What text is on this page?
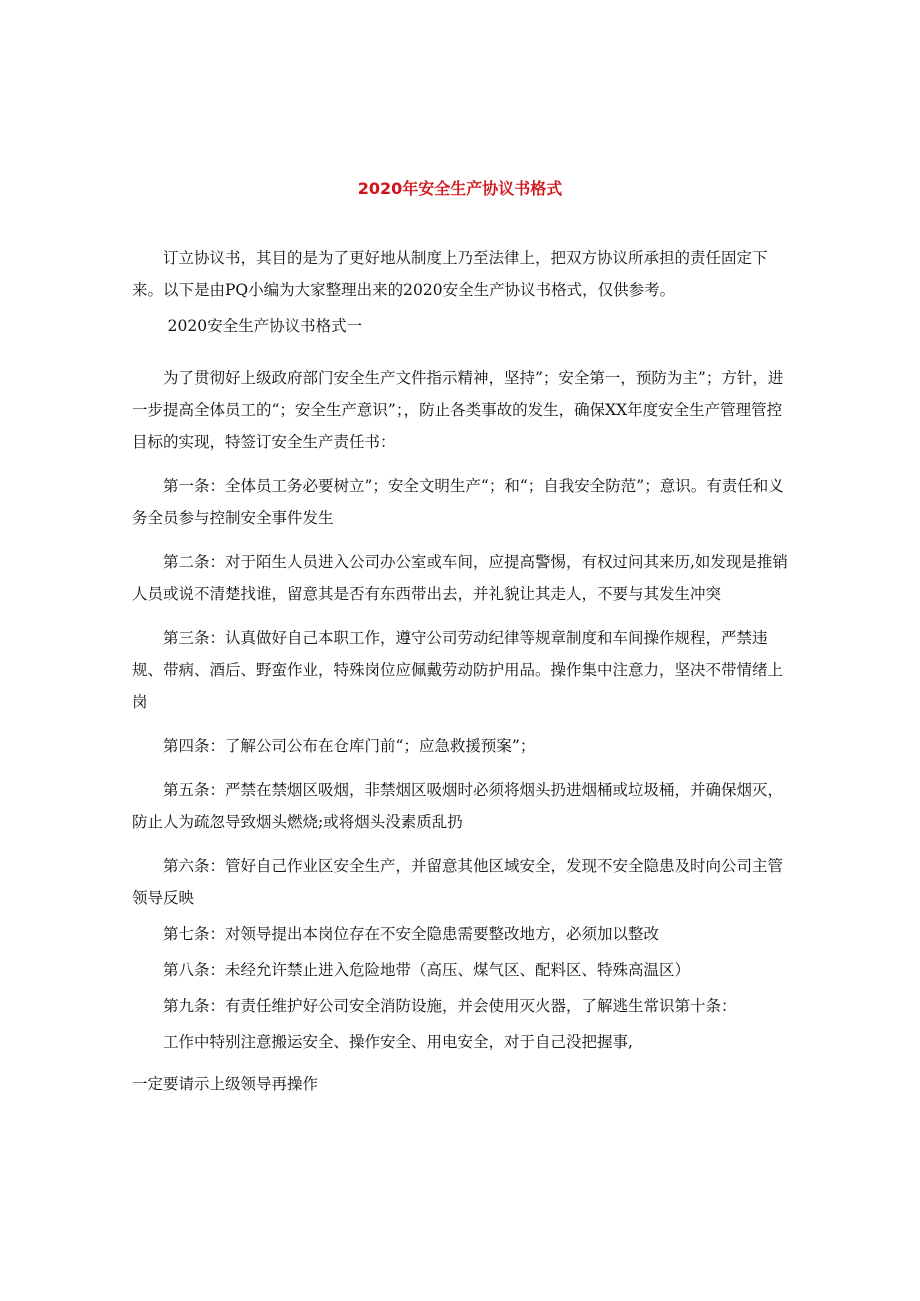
2020年安全生产协议书格式

订立协议书，其目的是为了更好地从制度上乃至法律上，把双方协议所承担的责任固定下来。以下是由PQ小编为大家整理出来的2020安全生产协议书格式，仅供参考。

2020安全生产协议书格式一

为了贯彻好上级政府部门安全生产文件指示精神，坚持”；安全第一，预防为主”；方针，进一步提高全体员工的“；安全生产意识”；，防止各类事故的发生，确保XX年度安全生产管理管控目标的实现，特签订安全生产责任书：

第一条：全体员工务必要树立”；安全文明生产“；和“；自我安全防范”；意识。有责任和义务全员参与控制安全事件发生

第二条：对于陌生人员进入公司办公室或车间，应提高警惕，有权过问其来历,如发现是推销人员或说不清楚找谁，留意其是否有东西带出去，并礼貌让其走人，不要与其发生冲突

第三条：认真做好自己本职工作，遵守公司劳动纪律等规章制度和车间操作规程，严禁违规、带病、酒后、野蛮作业，特殊岗位应佩戴劳动防护用品。操作集中注意力，坚决不带情绪上岗

第四条：了解公司公布在仓库门前“；应急救援预案”；

第五条：严禁在禁烟区吸烟，非禁烟区吸烟时必须将烟头扔进烟桶或垃圾桶，并确保烟灭，防止人为疏忽导致烟头燃烧;或将烟头没素质乱扔

第六条：管好自己作业区安全生产，并留意其他区域安全，发现不安全隐患及时向公司主管领导反映

第七条：对领导提出本岗位存在不安全隐患需要整改地方，必须加以整改

第八条：未经允许禁止进入危险地带（高压、煤气区、配料区、特殊高温区）

第九条：有责任维护好公司安全消防设施，并会使用灭火器，了解逃生常识第十条：

工作中特别注意搬运安全、操作安全、用电安全，对于自己没把握事,

一定要请示上级领导再操作
